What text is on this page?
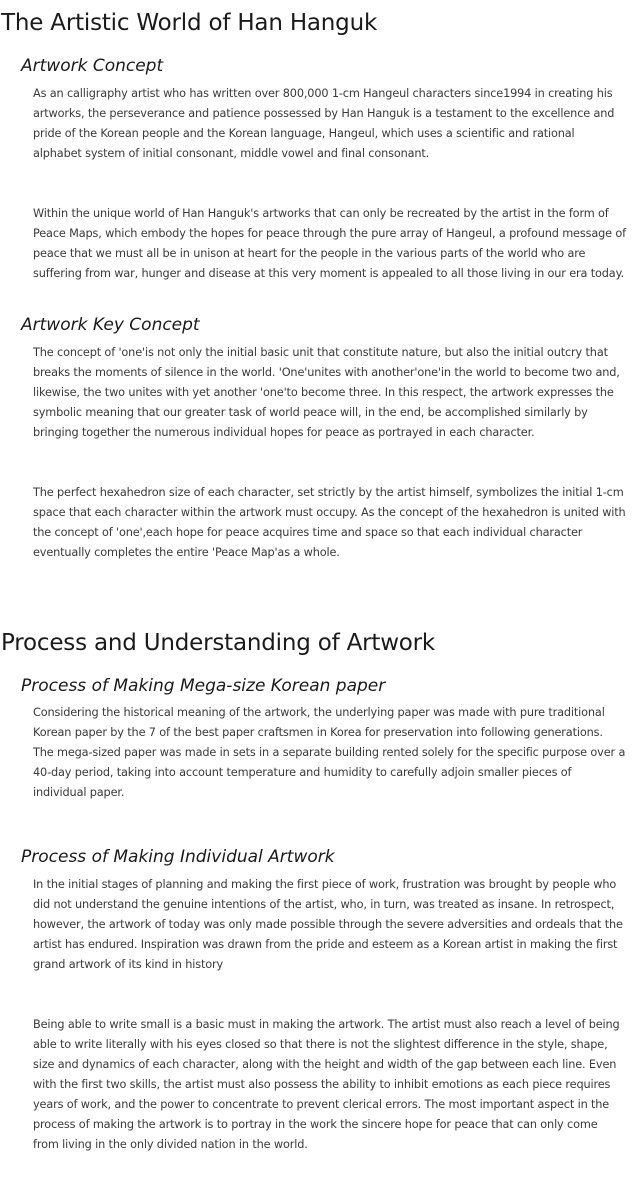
The Artistic World of Han Hanguk
Artwork Concept

As an calligraphy artist who has written over 800,000 1-cm Hangeul characters since1994 in creating his artworks, the perseverance and patience possessed by Han Hanguk is a testament to the excellence and pride of the Korean people and the Korean language, Hangeul, which uses a scientific and rational alphabet system of initial consonant, middle vowel and final consonant.

Within the unique world of Han Hanguk's artworks that can only be recreated by the artist in the form of Peace Maps, which embody the hopes for peace through the pure array of Hangeul, a profound message of peace that we must all be in unison at heart for the people in the various parts of the world who are suffering from war, hunger and disease at this very moment is appealed to all those living in our era today.

Artwork Key Concept

The concept of 'one'is not only the initial basic unit that constitute nature, but also the initial outcry that breaks the moments of silence in the world. 'One'unites with another'one'in the world to become two and, likewise, the two unites with yet another 'one'to become three. In this respect, the artwork expresses the symbolic meaning that our greater task of world peace will, in the end, be accomplished similarly by bringing together the numerous individual hopes for peace as portrayed in each character.

The perfect hexahedron size of each character, set strictly by the artist himself, symbolizes the initial 1-cm space that each character within the artwork must occupy. As the concept of the hexahedron is united with the concept of 'one',each hope for peace acquires time and space so that each individual character eventually completes the entire 'Peace Map'as a whole.

Process and Understanding of Artwork
Process of Making Mega-size Korean paper

Considering the historical meaning of the artwork, the underlying paper was made with pure traditional Korean paper by the 7 of the best paper craftsmen in Korea for preservation into following generations. The mega-sized paper was made in sets in a separate building rented solely for the specific purpose over a 40-day period, taking into account temperature and humidity to carefully adjoin smaller pieces of individual paper.

Process of Making Individual Artwork

In the initial stages of planning and making the first piece of work, frustration was brought by people who did not understand the genuine intentions of the artist, who, in turn, was treated as insane. In retrospect, however, the artwork of today was only made possible through the severe adversities and ordeals that the artist has endured. Inspiration was drawn from the pride and esteem as a Korean artist in making the first grand artwork of its kind in history

Being able to write small is a basic must in making the artwork. The artist must also reach a level of being able to write literally with his eyes closed so that there is not the slightest difference in the style, shape, size and dynamics of each character, along with the height and width of the gap between each line. Even with the first two skills, the artist must also possess the ability to inhibit emotions as each piece requires years of work, and the power to concentrate to prevent clerical errors. The most important aspect in the process of making the artwork is to portray in the work the sincere hope for peace that can only come from living in the only divided nation in the world.
